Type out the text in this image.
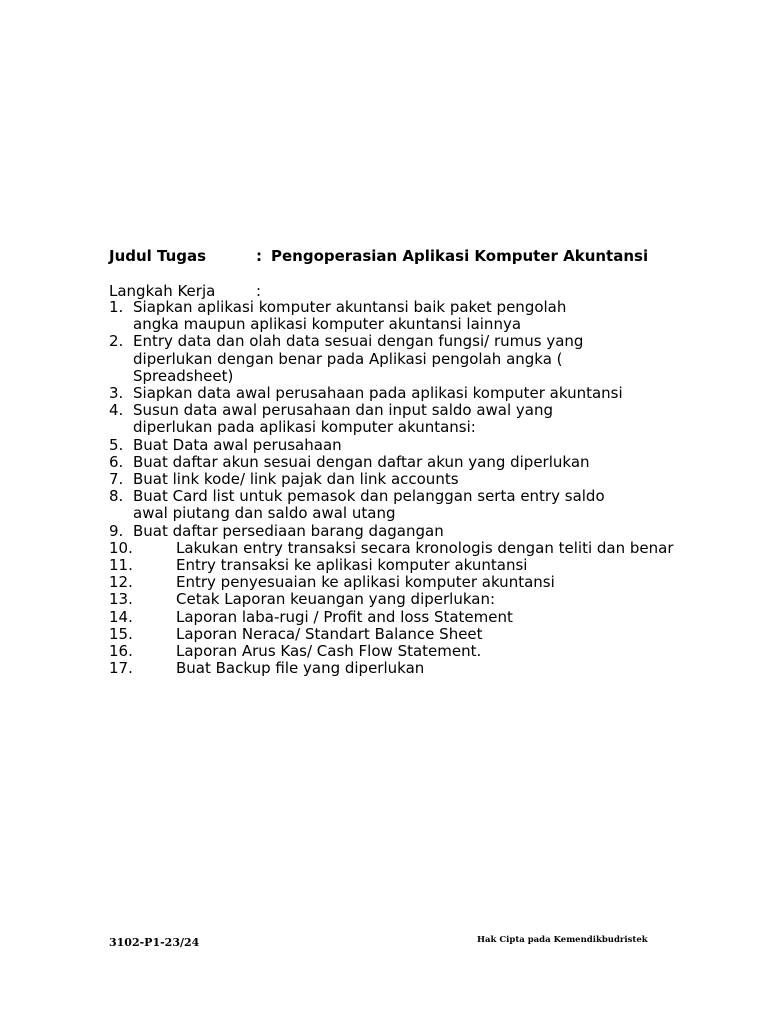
Judul Tugas	: Pengoperasian Aplikasi Komputer Akuntansi
Langkah Kerja	:
1. Siapkan aplikasi komputer akuntansi baik paket pengolah
angka maupun aplikasi komputer akuntansi lainnya
2. Entry data dan olah data sesuai dengan fungsi/ rumus yang
diperlukan dengan benar pada Aplikasi pengolah angka (
Spreadsheet)
3. Siapkan data awal perusahaan pada aplikasi komputer akuntansi
4. Susun data awal perusahaan dan input saldo awal yang
diperlukan pada aplikasi komputer akuntansi:
5. Buat Data awal perusahaan
6. Buat daftar akun sesuai dengan daftar akun yang diperlukan
7. Buat link kode/ link pajak dan link accounts
8. Buat Card list untuk pemasok dan pelanggan serta entry saldo
awal piutang dan saldo awal utang
9. Buat daftar persediaan barang dagangan
10.	Lakukan entry transaksi secara kronologis dengan teliti dan benar
11.	Entry transaksi ke aplikasi komputer akuntansi
12.	Entry penyesuaian ke aplikasi komputer akuntansi
13.	Cetak Laporan keuangan yang diperlukan:
14.	Laporan laba-rugi / Profit and loss Statement
15.	Laporan Neraca/ Standart Balance Sheet
16.	Laporan Arus Kas/ Cash Flow Statement.
17.	Buat Backup file yang diperlukan
3102-P1-23/24	Hak Cipta pada Kemendikbudristek
